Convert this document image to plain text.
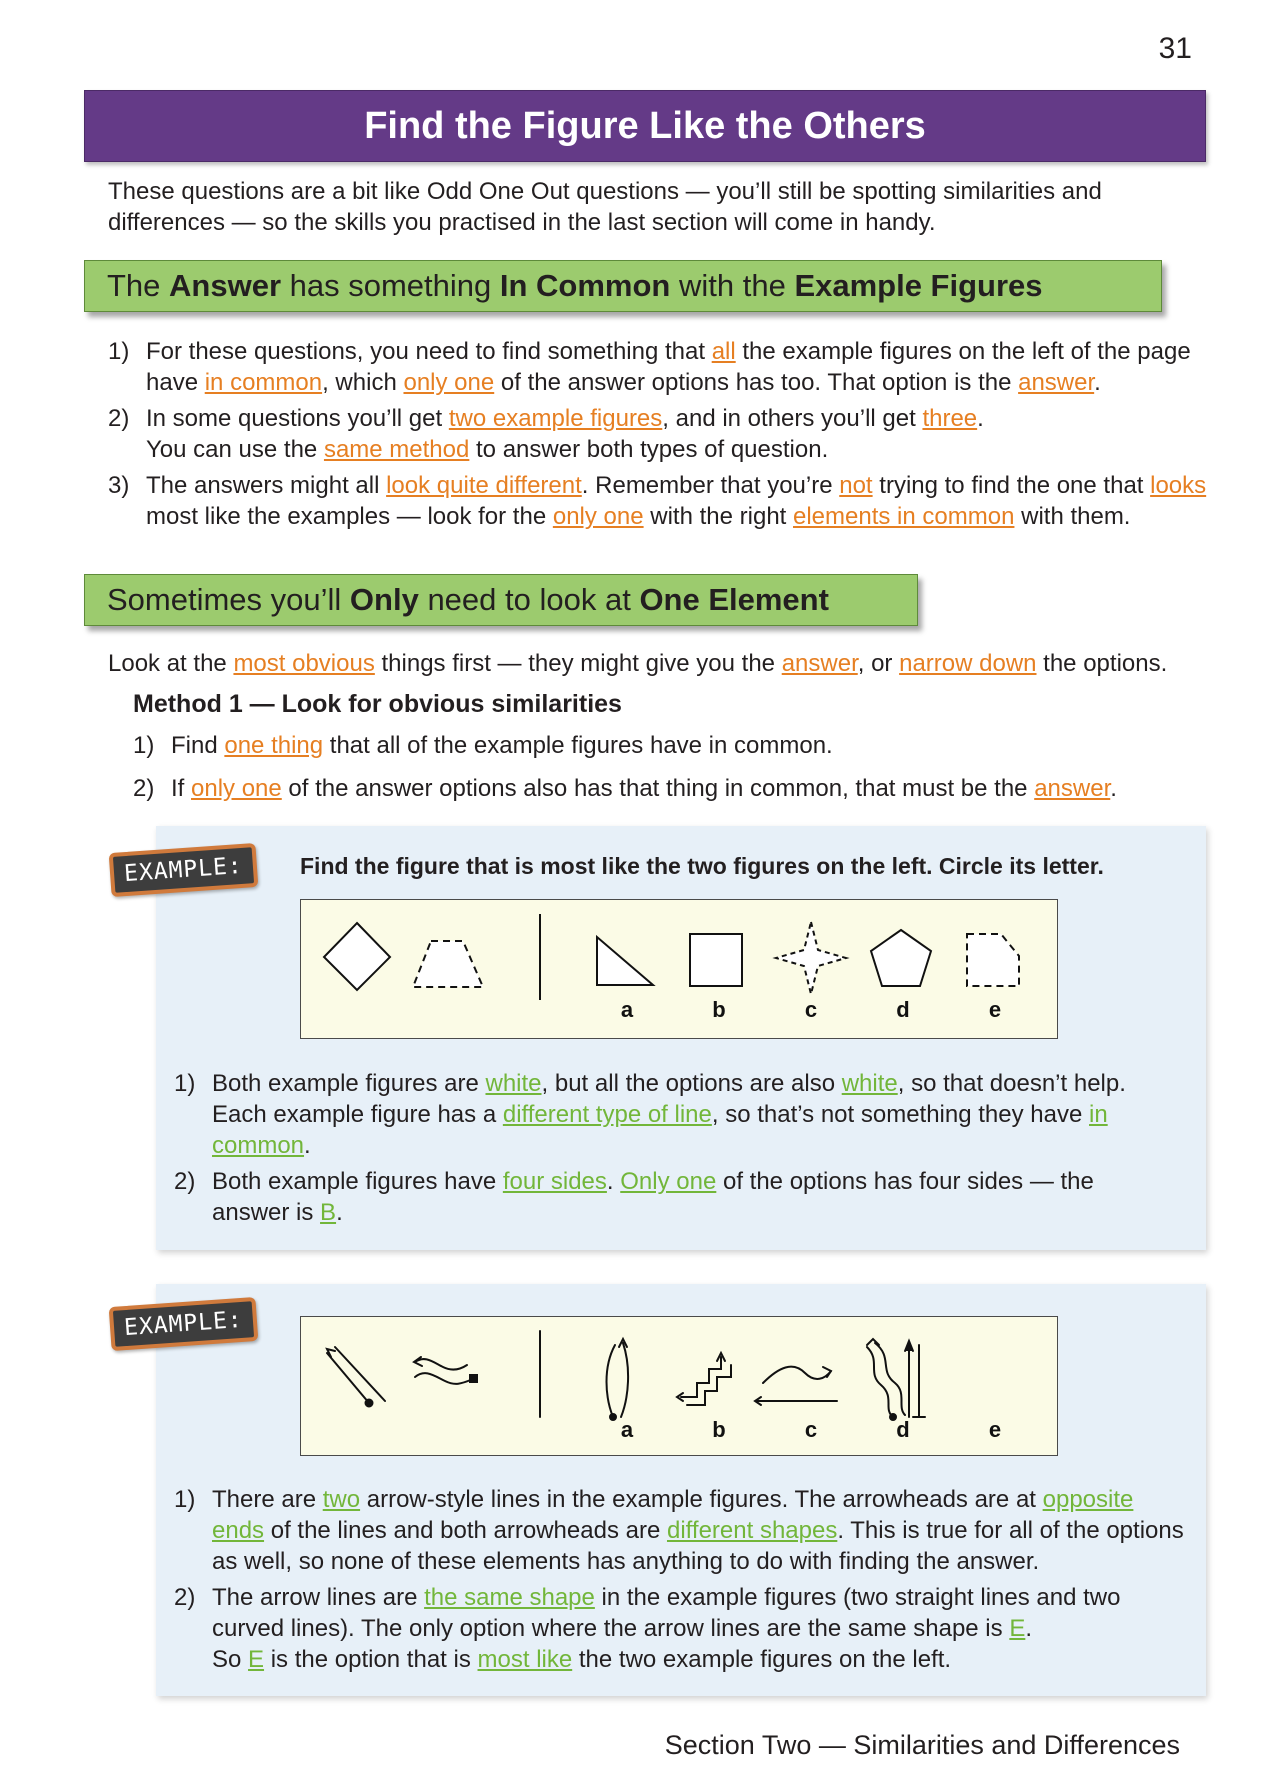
31
Find the Figure Like the Others
These questions are a bit like Odd One Out questions — you’ll still be spotting similarities and differences — so the skills you practised in the last section will come in handy.
The Answer has something In Common with the Example Figures
1) For these questions, you need to find something that all the example figures on the left of the page have in common, which only one of the answer options has too. That option is the answer.
2) In some questions you’ll get two example figures, and in others you’ll get three.
You can use the same method to answer both types of question.
3) The answers might all look quite different. Remember that you’re not trying to find the one that looks most like the examples — look for the only one with the right elements in common with them.
Sometimes you’ll Only need to look at One Element
Look at the most obvious things first — they might give you the answer, or narrow down the options.
Method 1 — Look for obvious similarities
1) Find one thing that all of the example figures have in common.
2) If only one of the answer options also has that thing in common, that must be the answer.
EXAMPLE:	Find the figure that is most like the two figures on the left. Circle its letter.
a	b	c	d	e
1) Both example figures are white, but all the options are also white, so that doesn’t help. Each example figure has a different type of line, so that’s not something they have in common.
2) Both example figures have four sides. Only one of the options has four sides — the answer is B.
EXAMPLE:
a	b	c	d	e
1) There are two arrow-style lines in the example figures. The arrowheads are at opposite ends of the lines and both arrowheads are different shapes. This is true for all of the options as well, so none of these elements has anything to do with finding the answer.
2) The arrow lines are the same shape in the example figures (two straight lines and two curved lines). The only option where the arrow lines are the same shape is E.
So E is the option that is most like the two example figures on the left.
Section Two — Similarities and Differences
